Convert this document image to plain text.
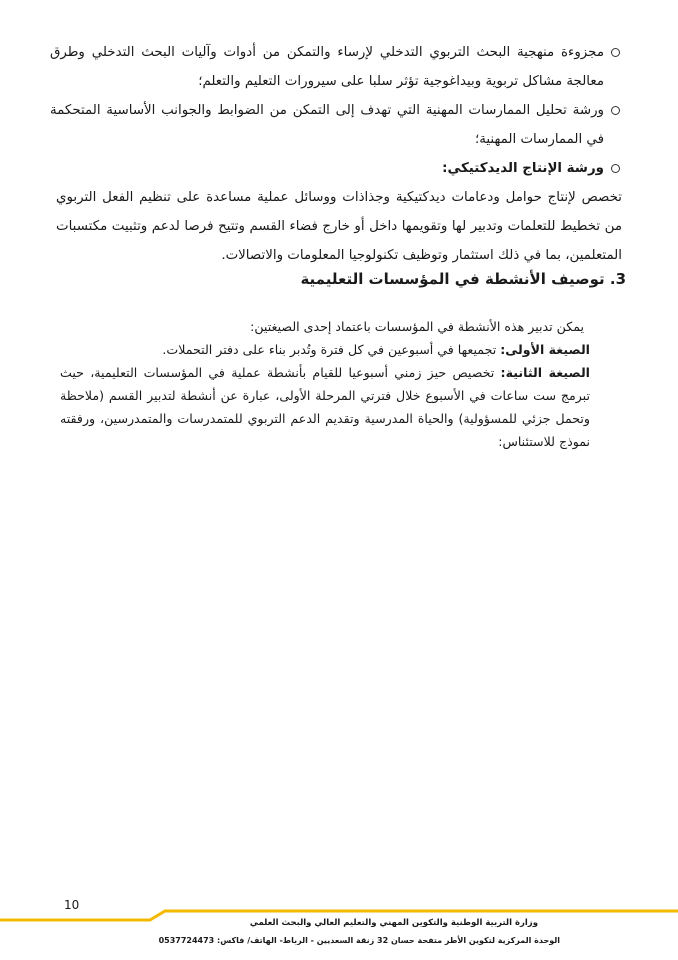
مجزوءة منهجية البحث التربوي التدخلي لإرساء والتمكن من أدوات وآليات البحث التدخلي وطرق معالجة مشاكل تربوية وبيداغوجية تؤثر سلبا على سيرورات التعليم والتعلم؛
ورشة تحليل الممارسات المهنية التي تهدف إلى التمكن من الضوابط والجوانب الأساسية المتحكمة في الممارسات المهنية؛
ورشة الإنتاج الديدكتيكي:
تخصص لإنتاج حوامل ودعامات ديدكتيكية وجذاذات ووسائل عملية مساعدة على تنظيم الفعل التربوي من تخطيط للتعلمات وتدبير لها وتقويمها داخل أو خارج فضاء القسم وتتيح فرصا لدعم وتثبيت مكتسبات المتعلمين، بما في ذلك استثمار وتوظيف تكنولوجيا المعلومات والاتصالات.
3. توصيف الأنشطة في المؤسسات التعليمية
يمكن تدبير هذه الأنشطة في المؤسسات باعتماد إحدى الصيغتين:
الصيغة الأولى: تجميعها في أسبوعين في كل فترة وتُدبر بناء على دفتر التحملات.
الصيغة الثانية: تخصيص حيز زمني أسبوعيا للقيام بأنشطة عملية في المؤسسات التعليمية، حيث تبرمج ست ساعات في الأسبوع خلال فترتي المرحلة الأولى، عبارة عن أنشطة لتدبير القسم (ملاحظة وتحمل جزئي للمسؤولية) والحياة المدرسية وتقديم الدعم التربوي للمتمدرسات والمتمدرسين، ورفقته نموذج للاستئناس:
10
وزارة التربية الوطنية والتكوين المهني والتعليم العالي والبحث العلمي
الوحدة المركزية لتكوين الأطر متفحة حسان 32 زنقة السعديين - الرباط- الهاتف/ فاكس: 0537724473
